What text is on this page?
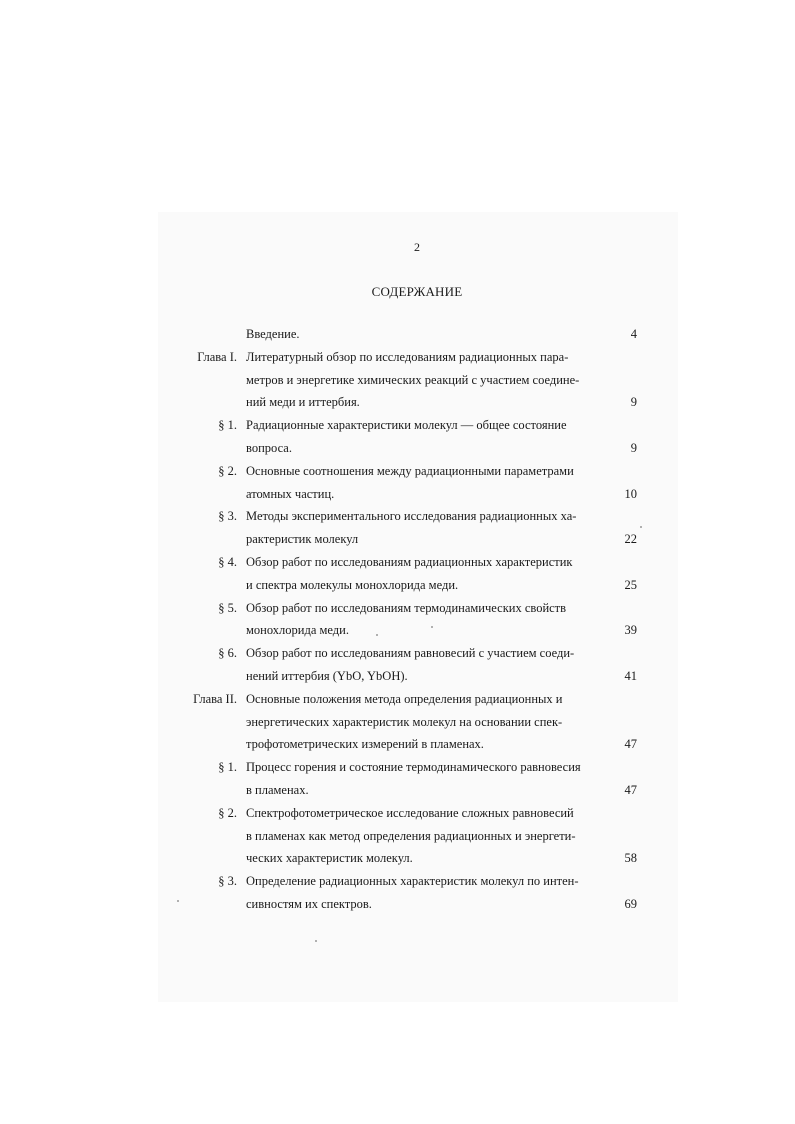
2
СОДЕРЖАНИЕ
Введение.	4
Глава I. Литературный обзор по исследованиям радиационных пара-
метров и энергетике химических реакций с участием соедине-
ний меди и иттербия.	9
§ 1. Радиационные характеристики молекул — общее состояние
вопроса.	9
§ 2. Основные соотношения между радиационными параметрами
атомных частиц.	10
§ 3. Методы экспериментального исследования радиационных ха-
рактеристик молекул	22
§ 4. Обзор работ по исследованиям радиационных характеристик
и спектра молекулы монохлорида меди.	25
§ 5. Обзор работ по исследованиям термодинамических свойств
монохлорида меди.	39
§ 6. Обзор работ по исследованиям равновесий с участием соеди-
нений иттербия (YbO, YbOH).	41
Глава II. Основные положения метода определения радиационных и
энергетических характеристик молекул на основании спек-
трофотометрических измерений в пламенах.	47
§ 1. Процесс горения и состояние термодинамического равновесия
в пламенах.	47
§ 2. Спектрофотометрическое исследование сложных равновесий
в пламенах как метод определения радиационных и энергети-
ческих характеристик молекул.	58
§ 3. Определение радиационных характеристик молекул по интен-
сивностям их спектров.	69
